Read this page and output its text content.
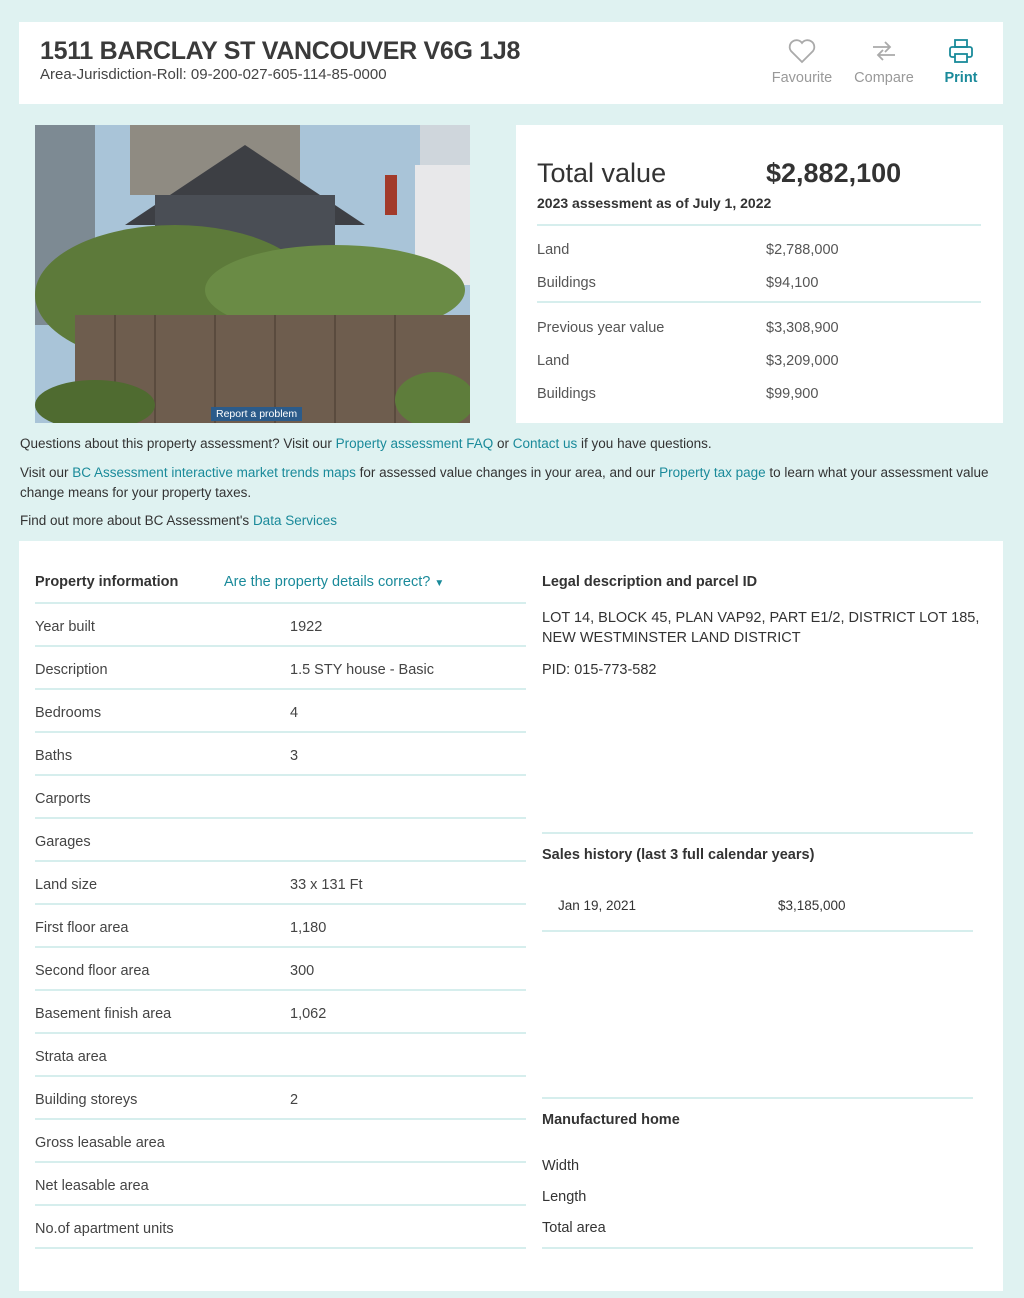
1511 BARCLAY ST VANCOUVER V6G 1J8
Area-Jurisdiction-Roll: 09-200-027-605-114-85-0000	Favourite	Compare	Print
Report a problem
Total value	$2,882,100
2023 assessment as of July 1, 2022
Land	$2,788,000
Buildings	$94,100
Previous year value	$3,308,900
Land	$3,209,000
Buildings	$99,900
Questions about this property assessment? Visit our Property assessment FAQ or Contact us if you have questions.
Visit our BC Assessment interactive market trends maps for assessed value changes in your area, and our Property tax page to learn what your assessment value change means for your property taxes.
Find out more about BC Assessment's Data Services
Property information	Are the property details correct? ▼
Year built	1922
Description	1.5 STY house - Basic
Bedrooms	4
Baths	3
Carports
Garages
Land size	33 x 131 Ft
First floor area	1,180
Second floor area	300
Basement finish area	1,062
Strata area
Building storeys	2
Gross leasable area
Net leasable area
No.of apartment units
Legal description and parcel ID
LOT 14, BLOCK 45, PLAN VAP92, PART E1/2, DISTRICT LOT 185, NEW WESTMINSTER LAND DISTRICT
PID: 015-773-582
Sales history (last 3 full calendar years)
Jan 19, 2021	$3,185,000
Manufactured home
Width
Length
Total area
